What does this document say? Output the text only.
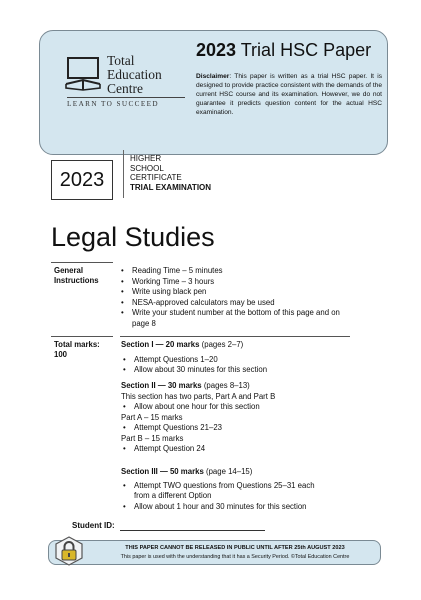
Total
Education
Centre
LEARN TO SUCCEED
2023 Trial HSC Paper
Disclaimer: This paper is written as a trial HSC paper. It is designed to provide practice consistent with the demands of the current HSC course and its examination. However, we do not guarantee it predicts question content for the actual HSC examination.
2023
HIGHER
SCHOOL
CERTIFICATE
TRIAL EXAMINATION
Legal Studies
General
Instructions
• Reading Time – 5 minutes
• Working Time – 3 hours
• Write using black pen
• NESA-approved calculators may be used
• Write your student number at the bottom of this page and on page 8
Total marks:
100
Section I — 20 marks (pages 2–7)
• Attempt Questions 1–20
• Allow about 30 minutes for this section
Section II — 30 marks (pages 8–13)
This section has two parts, Part A and Part B
• Allow about one hour for this section
Part A – 15 marks
• Attempt Questions 21–23
Part B – 15 marks
• Attempt Question 24
Section III — 50 marks (page 14–15)
• Attempt TWO questions from Questions 25–31 each from a different Option
• Allow about 1 hour and 30 minutes for this section
Student ID:
THIS PAPER CANNOT BE RELEASED IN PUBLIC UNTIL AFTER 25th AUGUST 2023
This paper is used with the understanding that it has a Security Period. ©Total Education Centre
